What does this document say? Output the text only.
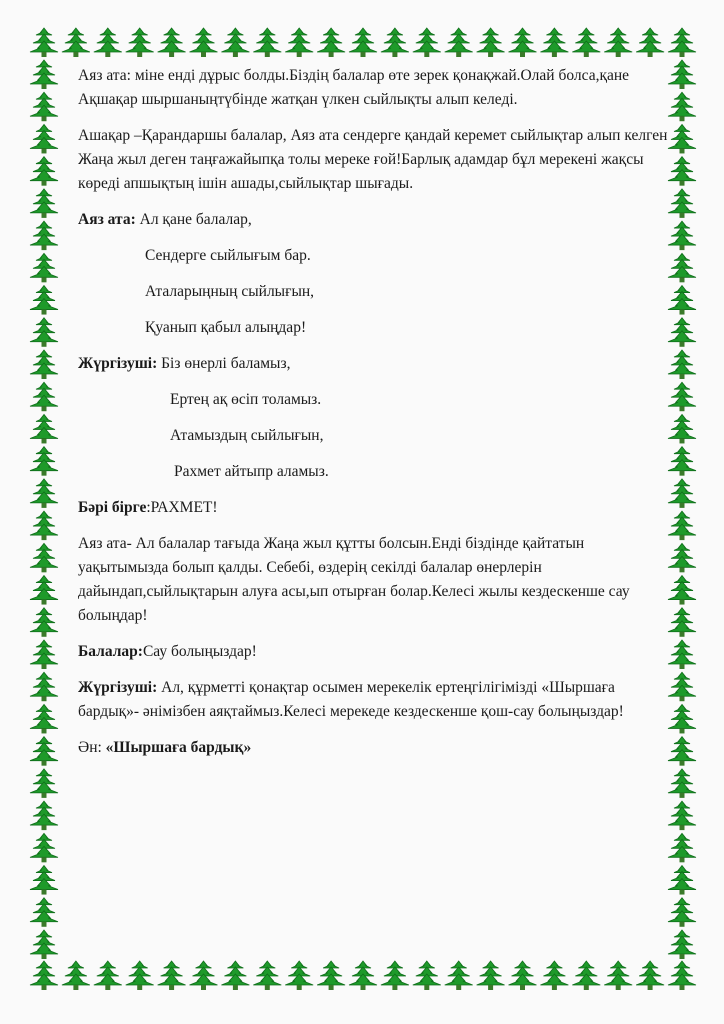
Аяз ата: міне енді дұрыс болды.Біздің балалар өте зерек қонақжай.Олай болса,қане Ақшақар шыршаныңтүбінде жатқан үлкен сыйлықты алып келеді.

Ашақар –Қарандаршы балалар, Аяз ата сендерге қандай керемет сыйлықтар алып келген Жаңа жыл деген таңғажайыпқа толы мереке ғой!Барлық адамдар бұл мерекені жақсы көреді апшықтың ішін ашады,сыйлықтар шығады.

Аяз ата: Ал қане балалар,
Сендерге сыйлығым бар.
Аталарыңның сыйлығын,
Қуанып қабыл алыңдар!
Жүргізуші: Біз өнерлі баламыз,
Ертең ақ өсіп толамыз.
Атамыздың сыйлығын,
Рахмет айтыпр аламыз.

Бәрі бірге:РАХМЕТ!

Аяз ата- Ал балалар тағыда Жаңа жыл құтты болсын.Енді біздінде қайтатын уақытымызда болып қалды. Себебі, өздерің секілді балалар өнерлерін дайындап,сыйлықтарын алуға асы,ып отырған болар.Келесі жылы кездескенше сау болыңдар!

Балалар:Сау болыңыздар!

Жүргізуші: Ал, құрметті қонақтар осымен мерекелік ертеңгілігімізді «Шыршаға бардық»- әнімізбен аяқтаймыз.Келесі мерекеде кездескенше қош-сау болыңыздар!

Ән: «Шыршаға бардық»
